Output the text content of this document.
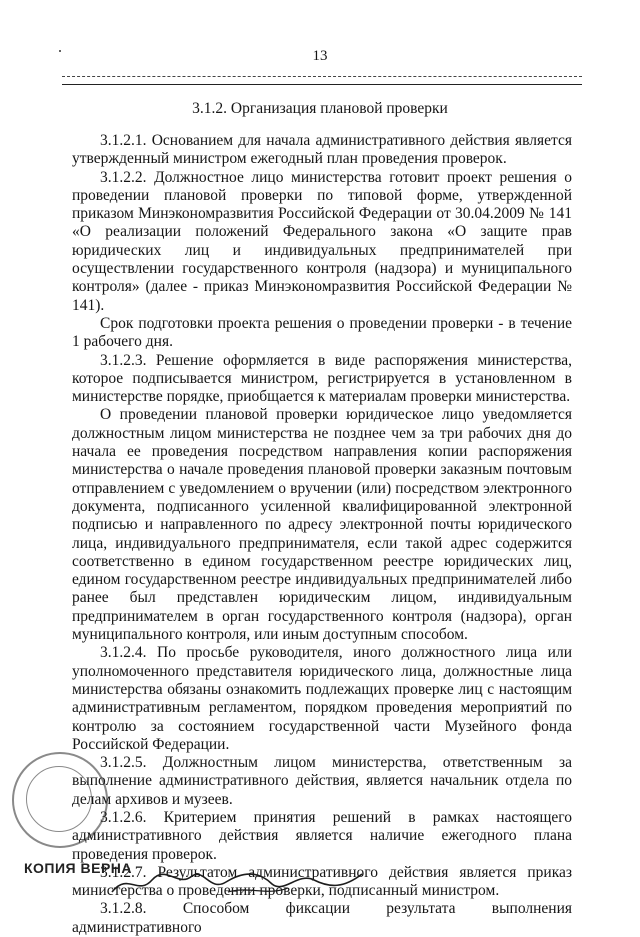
13
3.1.2. Организация плановой проверки

3.1.2.1. Основанием для начала административного действия является утвержденный министром ежегодный план проведения проверок.

3.1.2.2. Должностное лицо министерства готовит проект решения о проведении плановой проверки по типовой форме, утвержденной приказом Минэкономразвития Российской Федерации от 30.04.2009 № 141 «О реализации положений Федерального закона «О защите прав юридических лиц и индивидуальных предпринимателей при осуществлении государственного контроля (надзора) и муниципального контроля» (далее - приказ Минэкономразвития Российской Федерации № 141).

Срок подготовки проекта решения о проведении проверки - в течение 1 рабочего дня.

3.1.2.3. Решение оформляется в виде распоряжения министерства, которое подписывается министром, регистрируется в установленном в министерстве порядке, приобщается к материалам проверки министерства.

О проведении плановой проверки юридическое лицо уведомляется должностным лицом министерства не позднее чем за три рабочих дня до начала ее проведения посредством направления копии распоряжения министерства о начале проведения плановой проверки заказным почтовым отправлением с уведомлением о вручении (или) посредством электронного документа, подписанного усиленной квалифицированной электронной подписью и направленного по адресу электронной почты юридического лица, индивидуального предпринимателя, если такой адрес содержится соответственно в едином государственном реестре юридических лиц, едином государственном реестре индивидуальных предпринимателей либо ранее был представлен юридическим лицом, индивидуальным предпринимателем в орган государственного контроля (надзора), орган муниципального контроля, или иным доступным способом.

3.1.2.4. По просьбе руководителя, иного должностного лица или уполномоченного представителя юридического лица, должностные лица министерства обязаны ознакомить подлежащих проверке лиц с настоящим административным регламентом, порядком проведения мероприятий по контролю за состоянием государственной части Музейного фонда Российской Федерации.

3.1.2.5. Должностным лицом министерства, ответственным за выполнение административного действия, является начальник отдела по делам архивов и музеев.

3.1.2.6. Критерием принятия решений в рамках настоящего административного действия является наличие ежегодного плана проведения проверок.

3.1.2.7. Результатом административного действия является приказ министерства о проведении проверки, подписанный министром.

3.1.2.8. Способом фиксации результата выполнения административного

КОПИЯ ВЕРНА
